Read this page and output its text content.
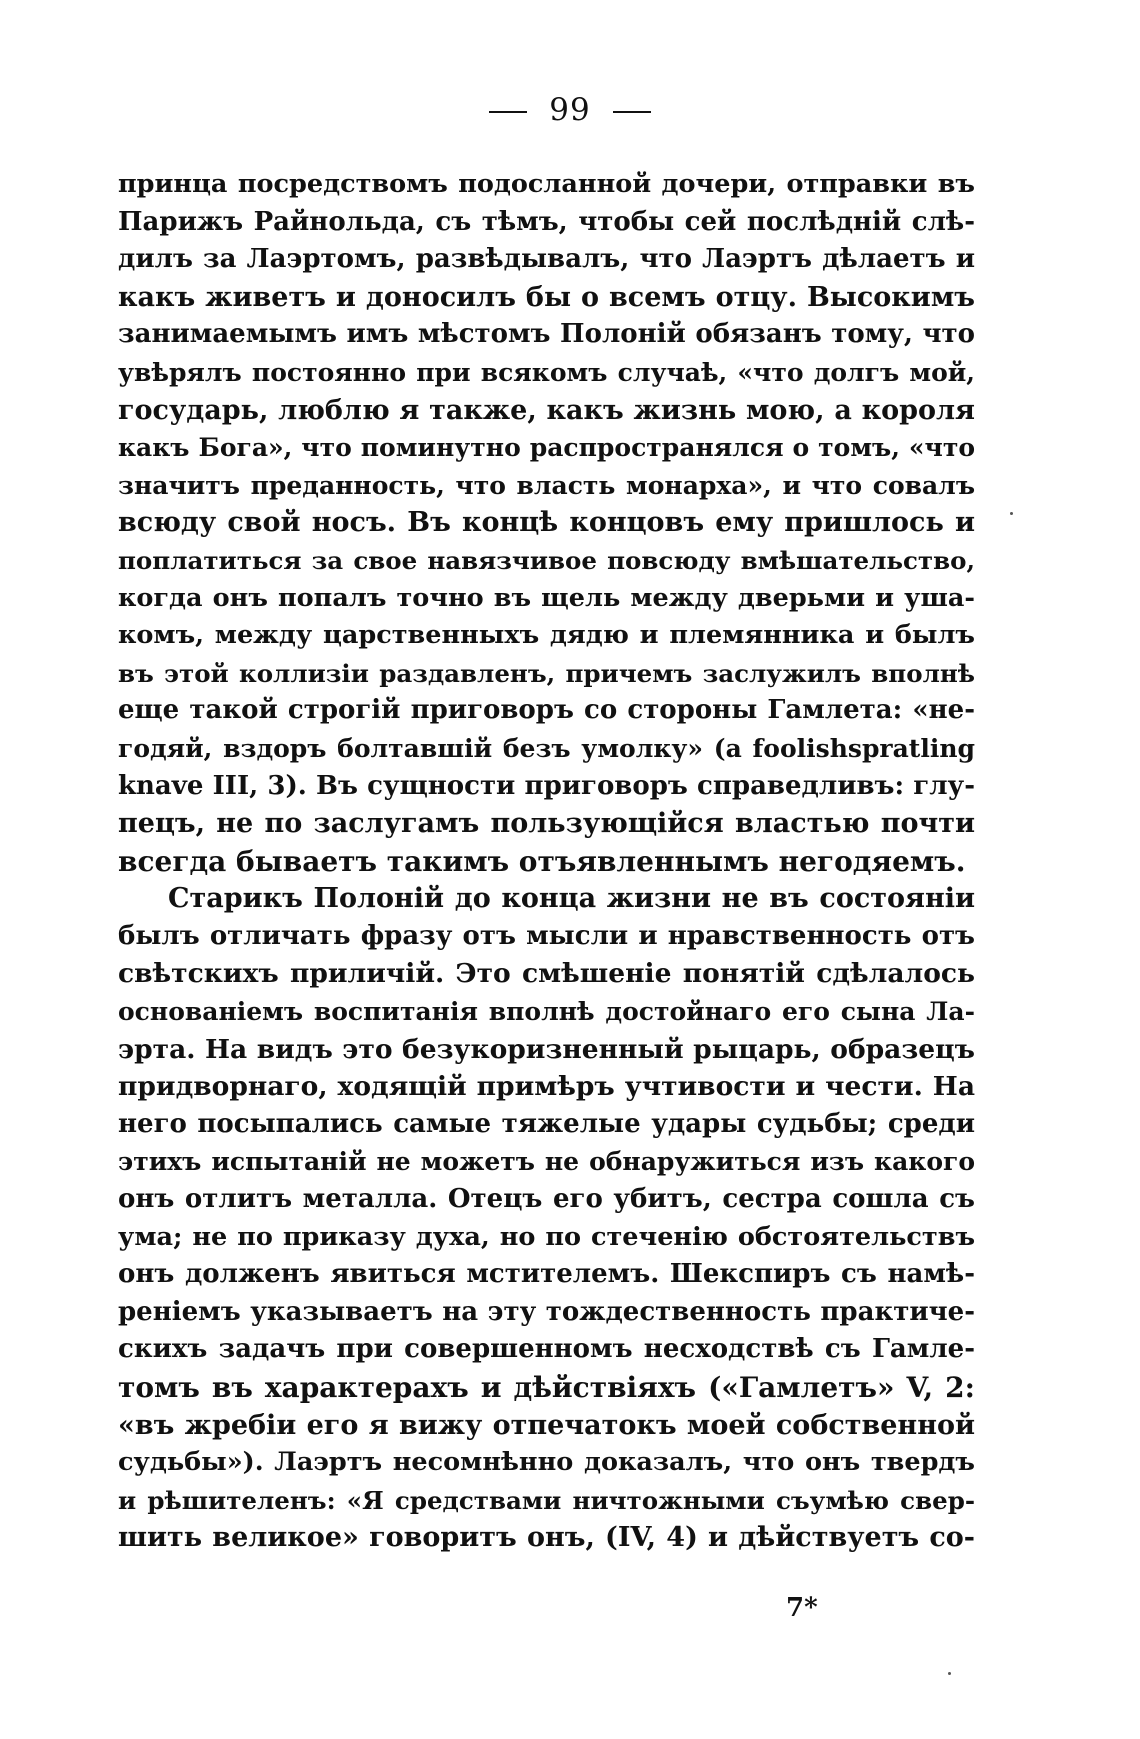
99
принца посредствомъ подосланной дочери, отправки въ
Парижъ Райнольда, съ тѣмъ, чтобы сей послѣднiй слѣ-
дилъ за Лаэртомъ, развѣдывалъ, что Лаэртъ дѣлаетъ и
какъ живетъ и доносилъ бы о всемъ отцу. Высокимъ
занимаемымъ имъ мѣстомъ Полонiй обязанъ тому, что
увѣрялъ постоянно при всякомъ случаѣ, «что долгъ мой,
государь, люблю я также, какъ жизнь мою, а короля
какъ Бога», что поминутно распространялся о томъ, «что
значитъ преданность, что власть монарха», и что совалъ
всюду свой носъ. Въ концѣ концовъ ему пришлось и
поплатиться за свое навязчивое повсюду вмѣшательство,
когда онъ попалъ точно въ щель между дверьми и ушa-
комъ, между царственныхъ дядю и племянника и былъ
въ этой коллизiи раздавленъ, причемъ заслужилъ вполнѣ
еще такой строгiй приговоръ со стороны Гамлета: «не-
годяй, вздоръ болтавшiй безъ умолку» (a foolishspratling
knave III, 3). Въ сущности приговоръ справедливъ: глу-
пецъ, не по заслугамъ пользующiйся властью почти
всегда бываетъ такимъ отъявленнымъ негодяемъ.
Старикъ Полонiй до конца жизни не въ состоянiи
былъ отличать фразу отъ мысли и нравственность отъ
свѣтскихъ приличiй. Это смѣшенiе понятiй сдѣлалось
основанiемъ воспитанiя вполнѣ достойнаго его сына Ла-
эрта. На видъ это безукоризненный рыцарь, образецъ
придворнаго, ходящiй примѣръ учтивости и чести. На
него посыпались самые тяжелые удары судьбы; среди
этихъ испытанiй не можетъ не обнаружиться изъ какого
онъ отлитъ металла. Отецъ его убитъ, сестра сошла съ
ума; не по приказу духа, но по стеченiю обстоятельствъ
онъ долженъ явиться мстителемъ. Шекспиръ съ намѣ-
ренiемъ указываетъ на эту тождественность практиче-
скихъ задачъ при совершенномъ несходствѣ съ Гамле-
томъ въ характерахъ и дѣйствiяхъ («Гамлетъ» V, 2:
«въ жребiи его я вижу отпечатокъ моей собственной
судьбы»). Лаэртъ несомнѣнно доказалъ, что онъ твердъ
и рѣшителенъ: «Я средствами ничтожными съумѣю свер-
шить великое» говоритъ онъ, (IV, 4) и дѣйствуетъ со-
7*
